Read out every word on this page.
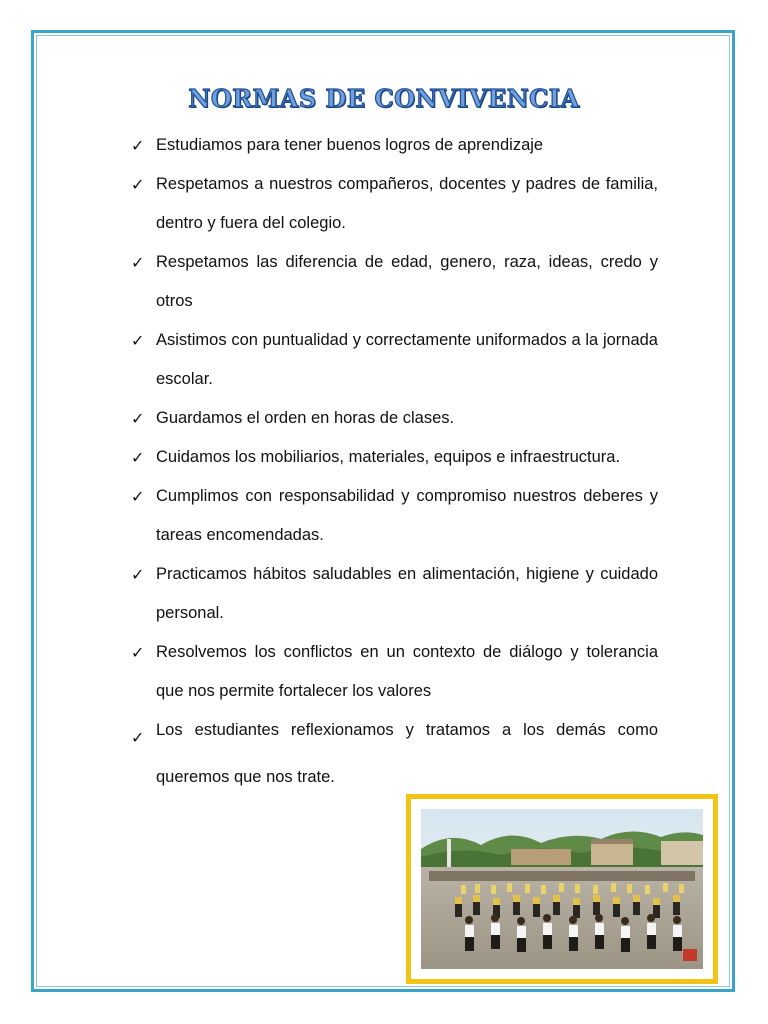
NORMAS DE CONVIVENCIA
✓ Estudiamos para tener buenos logros de aprendizaje
✓ Respetamos a nuestros compañeros, docentes y padres de familia, dentro y fuera del colegio.
✓ Respetamos las diferencia de edad, genero, raza, ideas, credo y otros
✓ Asistimos con puntualidad y correctamente uniformados a la jornada escolar.
✓ Guardamos el orden en horas de clases.
✓ Cuidamos los mobiliarios, materiales, equipos e infraestructura.
✓ Cumplimos con responsabilidad y compromiso nuestros deberes y tareas encomendadas.
✓ Practicamos hábitos saludables en alimentación, higiene y cuidado personal.
✓ Resolvemos los conflictos en un contexto de diálogo y tolerancia que nos permite fortalecer los valores
✓ Los estudiantes reflexionamos y tratamos a los demás como
queremos que nos trate.
